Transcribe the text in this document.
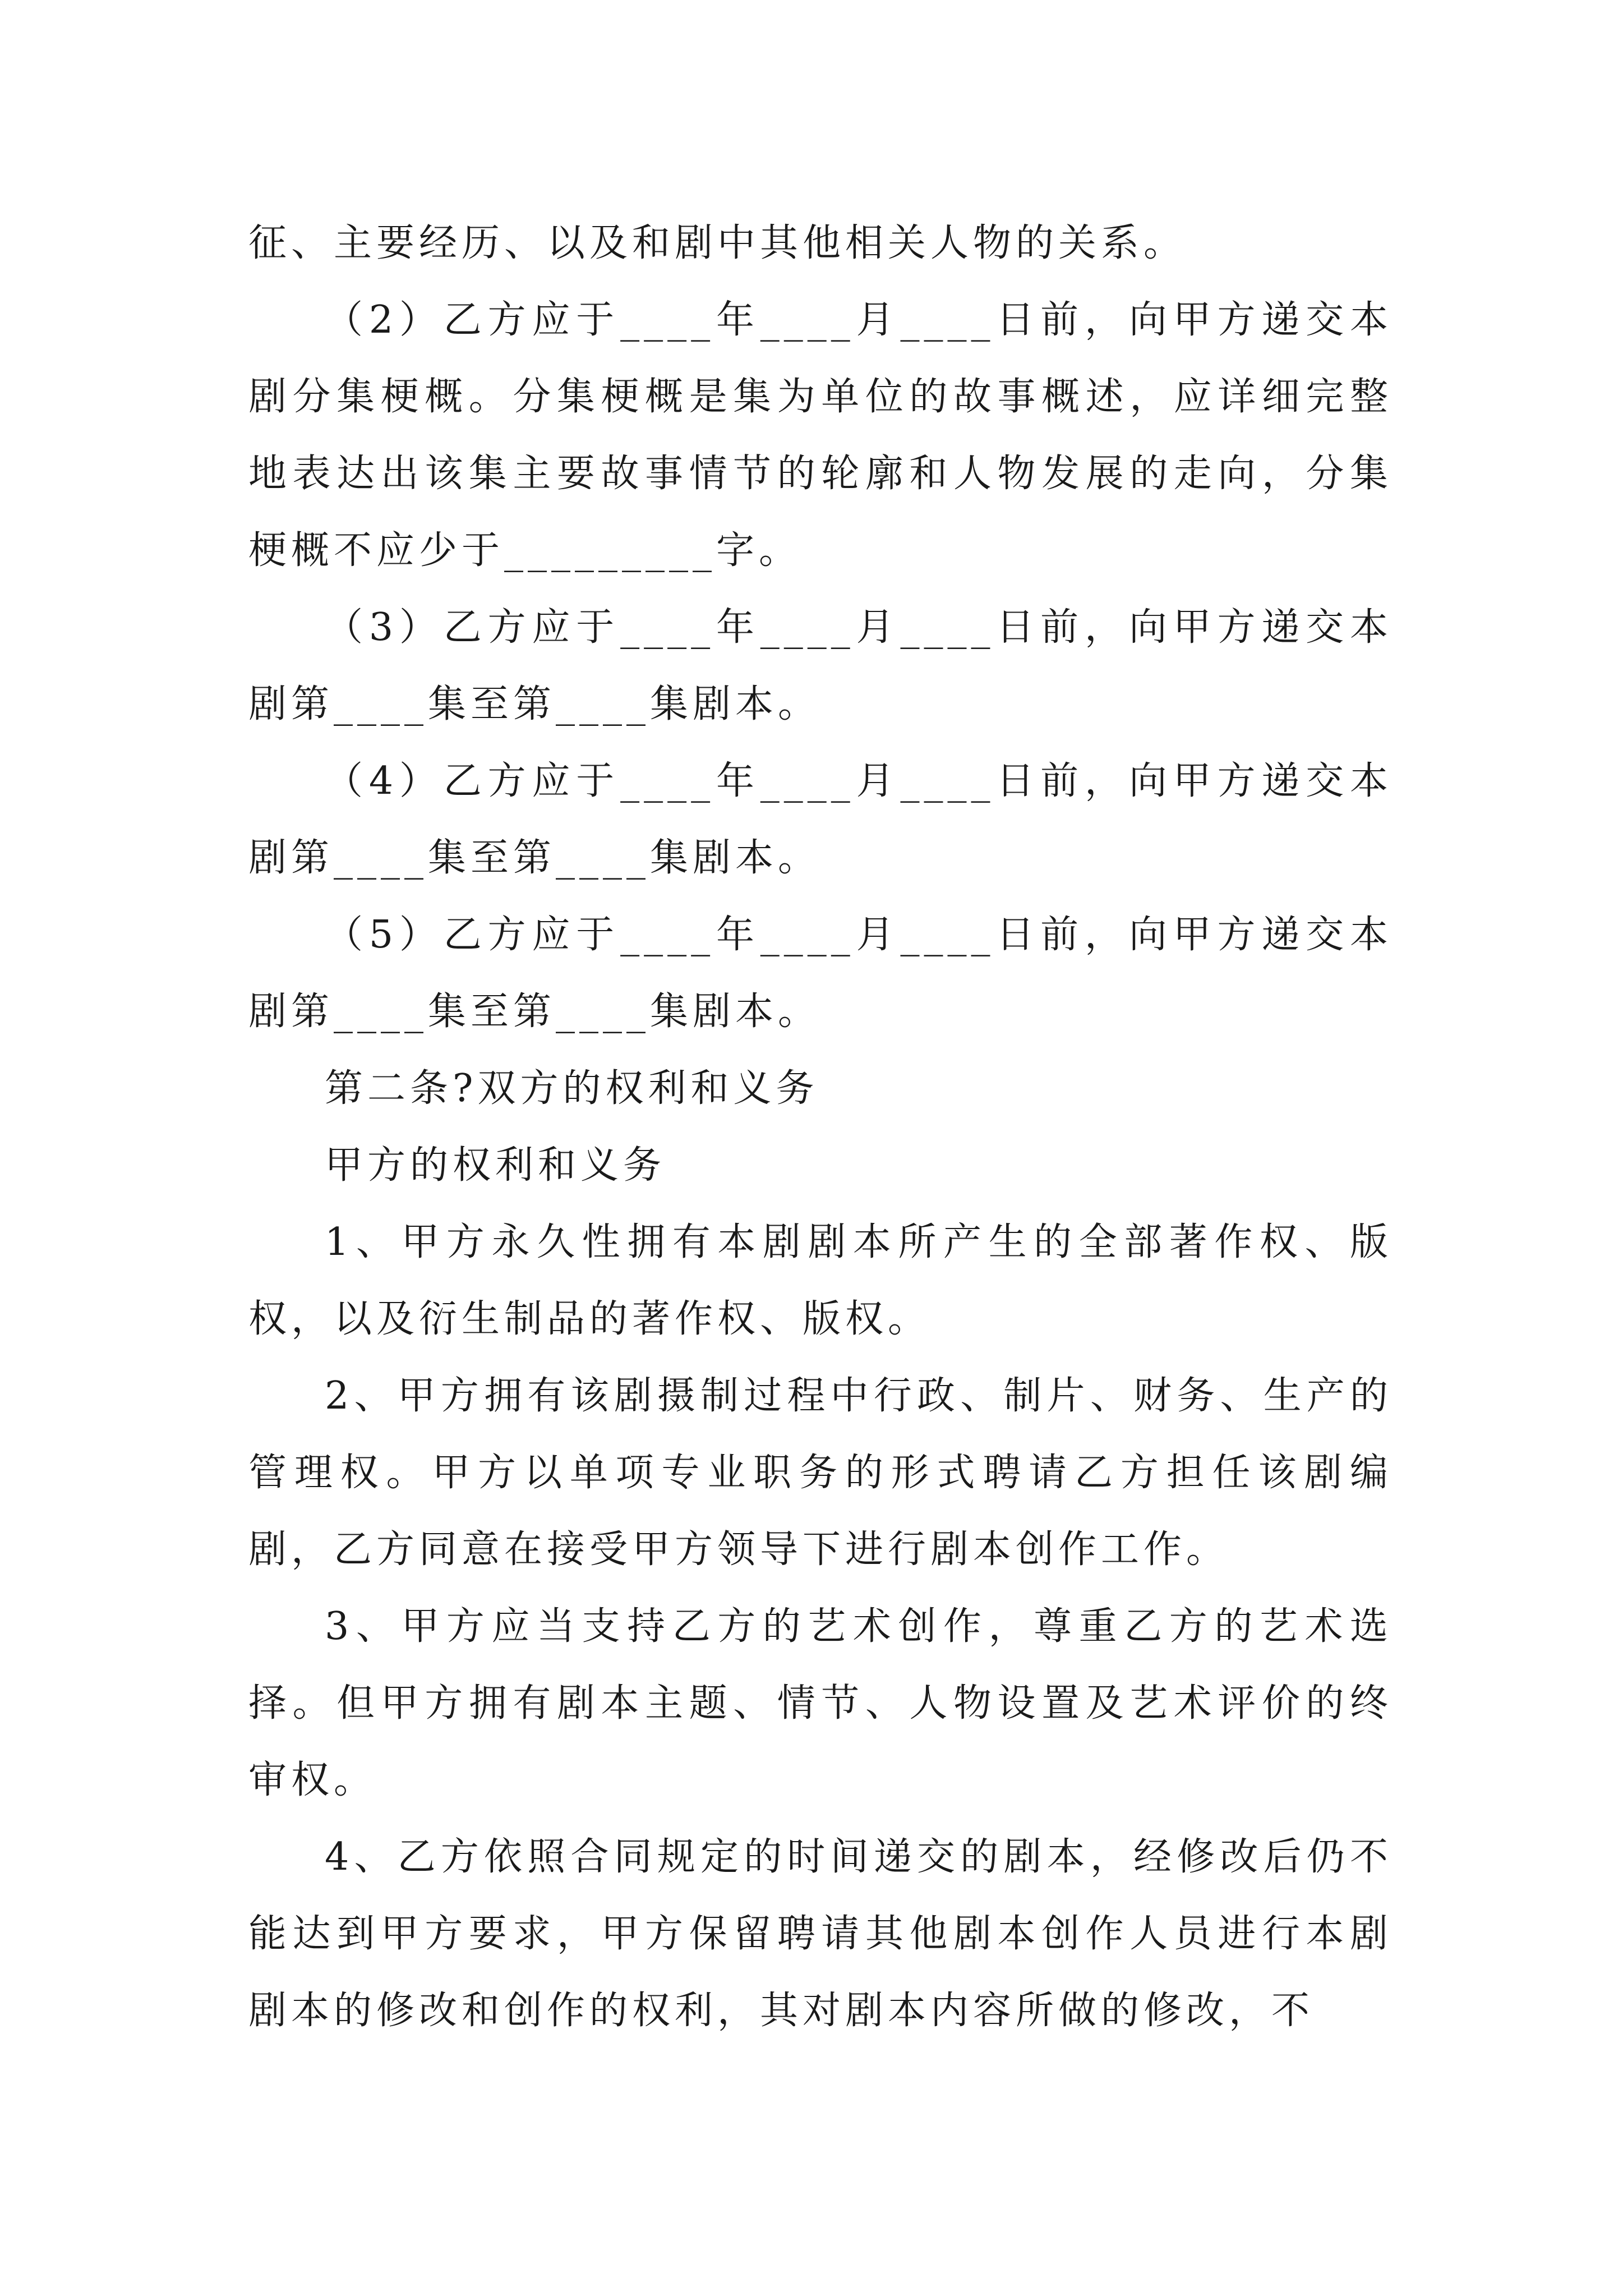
征、主要经历、以及和剧中其他相关人物的关系。

（2）乙方应于____年____月____日前，向甲方递交本剧分集梗概。分集梗概是集为单位的故事概述，应详细完整地表达出该集主要故事情节的轮廓和人物发展的走向，分集梗概不应少于_________字。

（3）乙方应于____年____月____日前，向甲方递交本剧第____集至第____集剧本。

（4）乙方应于____年____月____日前，向甲方递交本剧第____集至第____集剧本。

（5）乙方应于____年____月____日前，向甲方递交本剧第____集至第____集剧本。

第二条?双方的权利和义务

甲方的权利和义务

1、甲方永久性拥有本剧剧本所产生的全部著作权、版权，以及衍生制品的著作权、版权。

2、甲方拥有该剧摄制过程中行政、制片、财务、生产的管理权。甲方以单项专业职务的形式聘请乙方担任该剧编剧，乙方同意在接受甲方领导下进行剧本创作工作。

3、甲方应当支持乙方的艺术创作，尊重乙方的艺术选择。但甲方拥有剧本主题、情节、人物设置及艺术评价的终审权。

4、乙方依照合同规定的时间递交的剧本，经修改后仍不能达到甲方要求，甲方保留聘请其他剧本创作人员进行本剧剧本的修改和创作的权利，其对剧本内容所做的修改，不
